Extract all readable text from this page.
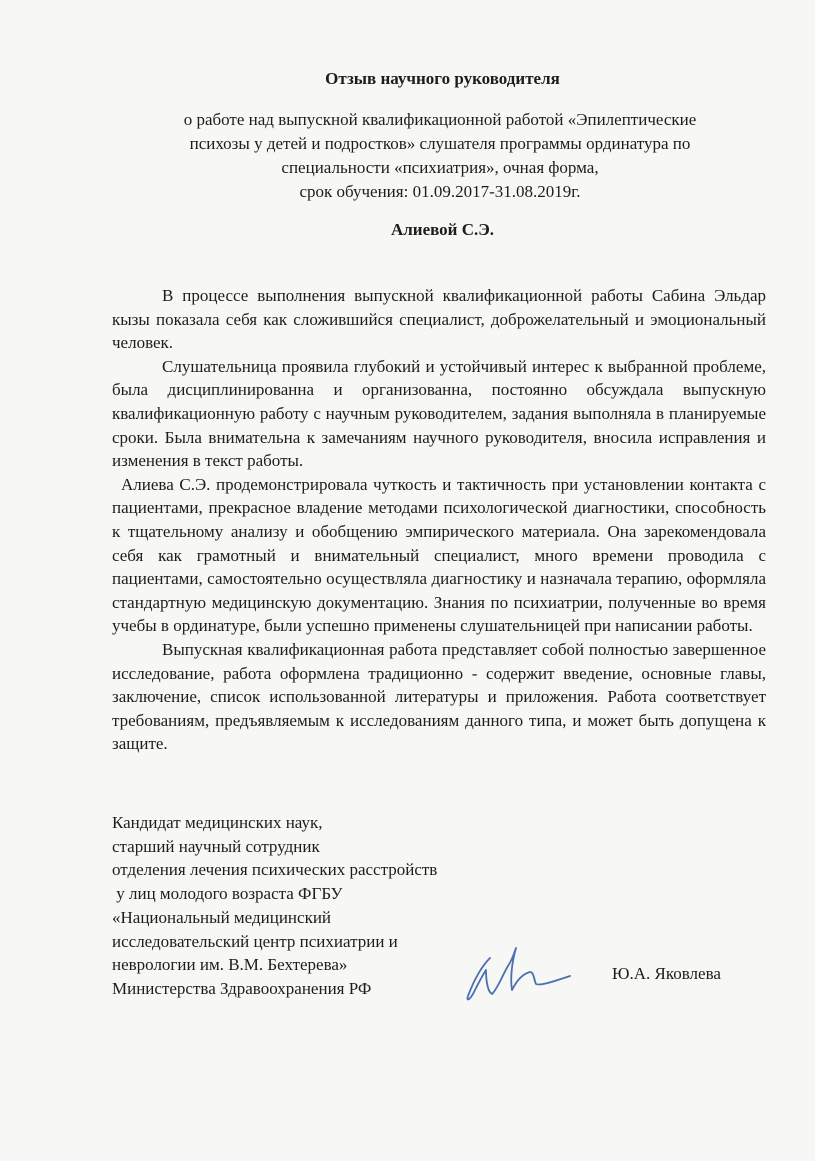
Отзыв научного руководителя
о работе над выпускной квалификационной работой «Эпилептические
психозы у детей и подростков» слушателя программы ординатура по
специальности «психиатрия», очная форма,
срок обучения: 01.09.2017-31.08.2019г.
Алиевой С.Э.

В процессе выполнения выпускной квалификационной работы Сабина Эльдар кызы показала себя как сложившийся специалист, доброжелательный и эмоциональный человек.

Слушательница проявила глубокий и устойчивый интерес к выбранной проблеме, была дисциплинированна и организованна, постоянно обсуждала выпускную квалификационную работу с научным руководителем, задания выполняла в планируемые сроки. Была внимательна к замечаниям научного руководителя, вносила исправления и изменения в текст работы.

Алиева С.Э. продемонстрировала чуткость и тактичность при установлении контакта с пациентами, прекрасное владение методами психологической диагностики, способность к тщательному анализу и обобщению эмпирического материала. Она зарекомендовала себя как грамотный и внимательный специалист, много времени проводила с пациентами, самостоятельно осуществляла диагностику и назначала терапию, оформляла стандартную медицинскую документацию. Знания по психиатрии, полученные во время учебы в ординатуре, были успешно применены слушательницей при написании работы.

Выпускная квалификационная работа представляет собой полностью завершенное исследование, работа оформлена традиционно - содержит введение, основные главы, заключение, список использованной литературы и приложения. Работа соответствует требованиям, предъявляемым к исследованиям данного типа, и может быть допущена к защите.

Кандидат медицинских наук,
старший научный сотрудник
отделения лечения психических расстройств
у лиц молодого возраста ФГБУ
«Национальный медицинский
исследовательский центр психиатрии и
неврологии им. В.М. Бехтерева»
Министерства Здравоохранения РФ
Ю.А. Яковлева
